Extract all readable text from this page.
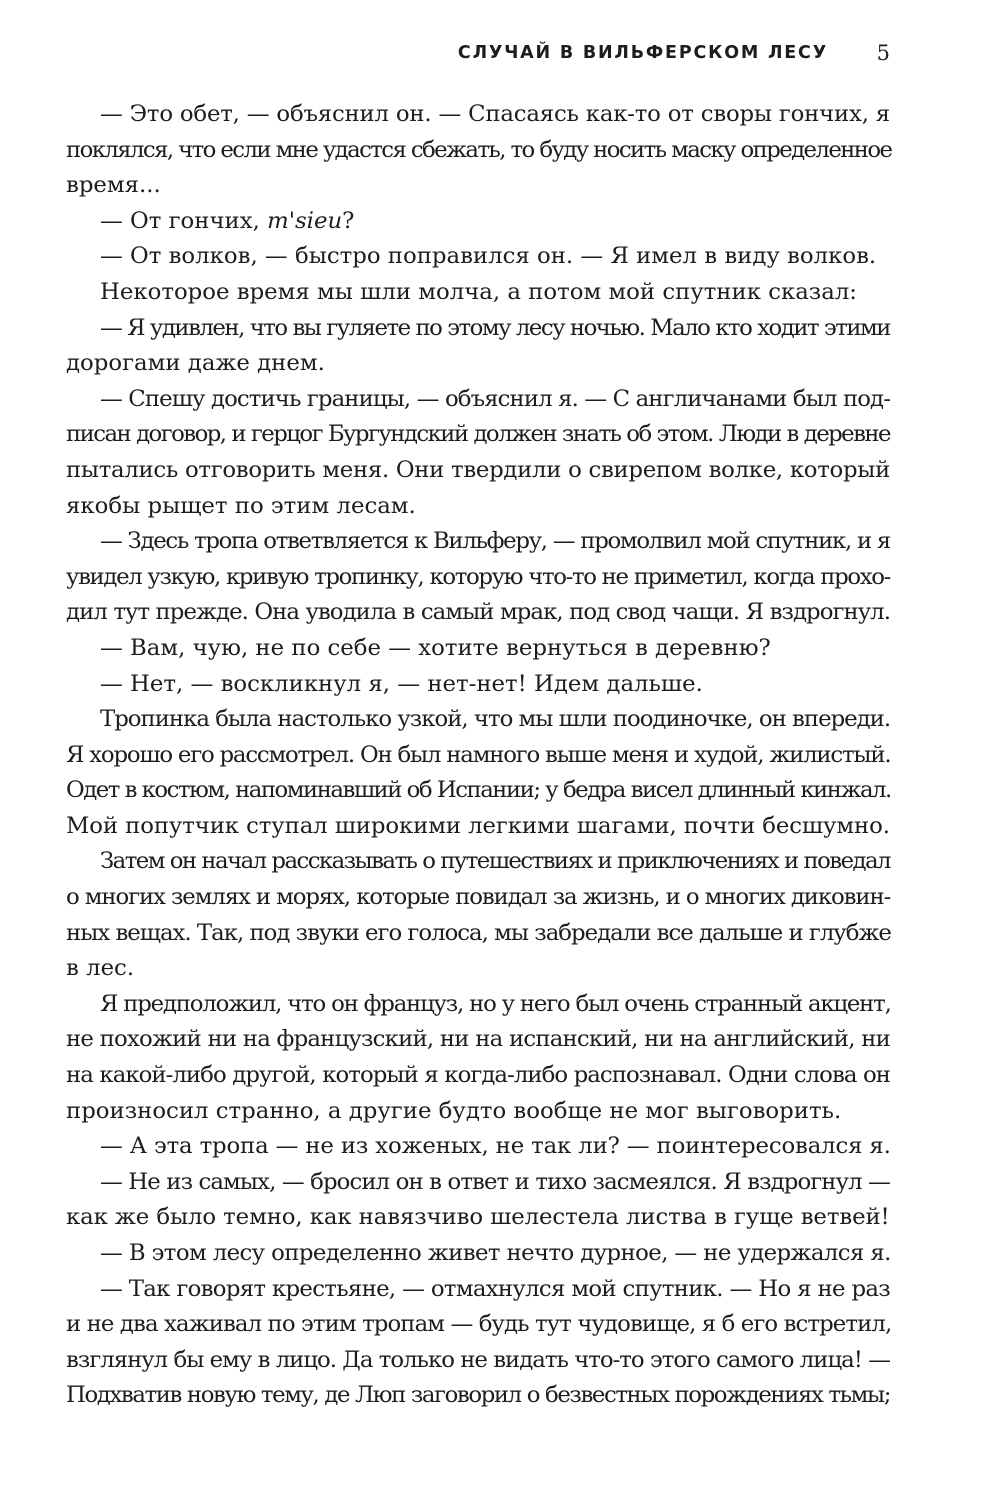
СЛУЧАЙ В ВИЛЬФЕРСКОМ ЛЕСУ 5

— Это обет, — объяснил он. — Спасаясь как-то от своры гончих, я
поклялся, что если мне удастся сбежать, то буду носить маску определенное
время...

— От гончих, m'sieu?

— От волков, — быстро поправился он. — Я имел в виду волков.

Некоторое время мы шли молча, а потом мой спутник сказал:

— Я удивлен, что вы гуляете по этому лесу ночью. Мало кто ходит этими
дорогами даже днем.

— Спешу достичь границы, — объяснил я. — С англичанами был под-
писан договор, и герцог Бургундский должен знать об этом. Люди в деревне
пытались отговорить меня. Они твердили о свирепом волке, который
якобы рыщет по этим лесам.

— Здесь тропа ответвляется к Вильферу, — промолвил мой спутник, и я
увидел узкую, кривую тропинку, которую что-то не приметил, когда прохо-
дил тут прежде. Она уводила в самый мрак, под свод чащи. Я вздрогнул.

— Вам, чую, не по себе — хотите вернуться в деревню?

— Нет, — воскликнул я, — нет-нет! Идем дальше.

Тропинка была настолько узкой, что мы шли поодиночке, он впереди.
Я хорошо его рассмотрел. Он был намного выше меня и худой, жилистый.
Одет в костюм, напоминавший об Испании; у бедра висел длинный кинжал.
Мой попутчик ступал широкими легкими шагами, почти бесшумно.

Затем он начал рассказывать о путешествиях и приключениях и поведал
о многих землях и морях, которые повидал за жизнь, и о многих диковин-
ных вещах. Так, под звуки его голоса, мы забредали все дальше и глубже
в лес.

Я предположил, что он француз, но у него был очень странный акцент,
не похожий ни на французский, ни на испанский, ни на английский, ни
на какой-либо другой, который я когда-либо распознавал. Одни слова он
произносил странно, а другие будто вообще не мог выговорить.

— А эта тропа — не из хоженых, не так ли? — поинтересовался я.

— Не из самых, — бросил он в ответ и тихо засмеялся. Я вздрогнул —
как же было темно, как навязчиво шелестела листва в гуще ветвей!

— В этом лесу определенно живет нечто дурное, — не удержался я.

— Так говорят крестьяне, — отмахнулся мой спутник. — Но я не раз
и не два хаживал по этим тропам — будь тут чудовище, я б его встретил,
взглянул бы ему в лицо. Да только не видать что-то этого самого лица! —
Подхватив новую тему, де Люп заговорил о безвестных порождениях тьмы;
